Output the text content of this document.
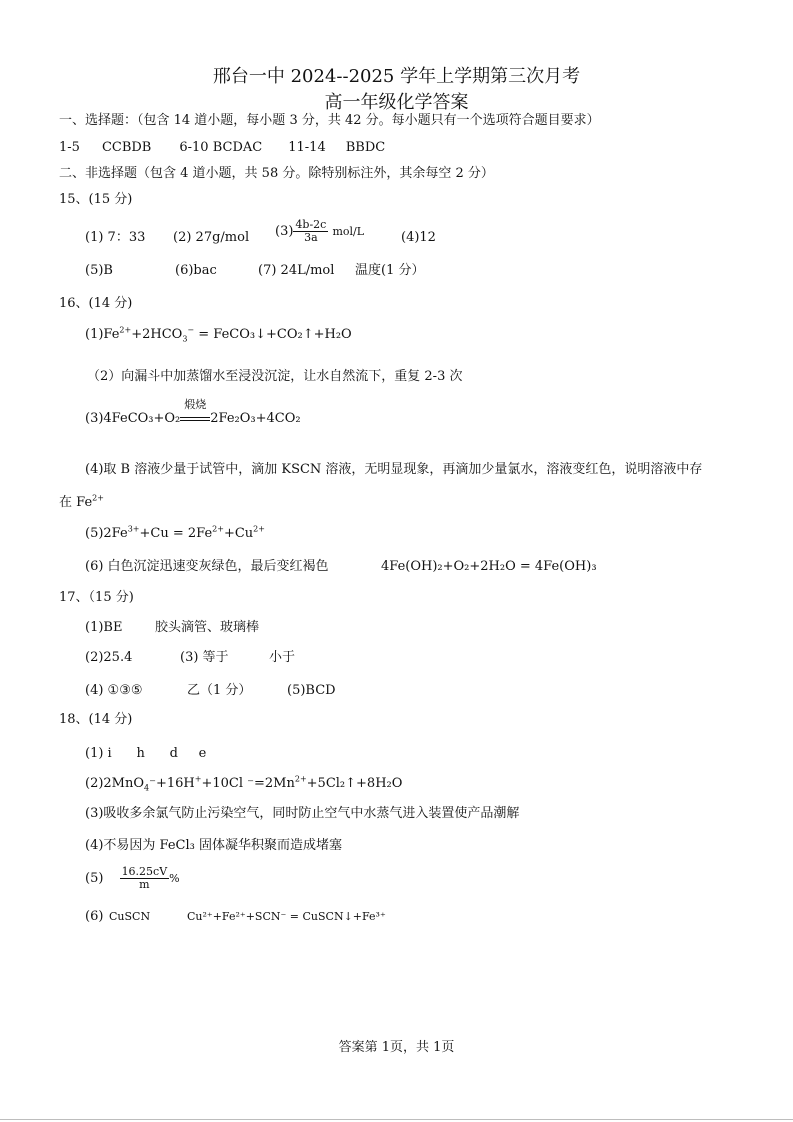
邢台一中 2024--2025 学年上学期第三次月考
高一年级化学答案
一、选择题：（包含 14 道小题，每小题 3 分，共 42 分。每小题只有一个选项符合题目要求）
1-5 CCBDB 6-10 BCDAC 11-14 BBDC
二、非选择题（包含 4 道小题，共 58 分。除特别标注外，其余每空 2 分）
15、(15 分)
(1) 7：33 (2) 27g/mol $(3) \frac{4b-2c}{3a} mol/L$	(4)12
(5)B	(6)bac	(7) 24L/mol 温度(1 分）
16、(14 分)
$(1)Fe^{2+}+2HCO_3^-$ = FeCO₃↓+CO₂↑+H₂O
（2）向漏斗中加蒸馏水至浸没沉淀，让水自然流下，重复 2-3 次
(3)4FeCO₃+O₂
煅烧
2Fe₂O₃+4CO₂
(4)取 B 溶液少量于试管中，滴加 KSCN 溶液，无明显现象，再滴加少量氯水，溶液变红色，说明溶液中存
在 $Fe^{2+}$
$(5)2Fe^{3+}+Cu = 2Fe^{2+}+Cu^{2+}$
(6) 白色沉淀迅速变灰绿色，最后变红褐色	4Fe(OH)₂+O₂+2H₂O = 4Fe(OH)₃
17、（15 分)
(1)BE	胶头滴管、玻璃棒
(2)25.4	(3) 等于	小于
(4) ①③⑤	乙（1 分）	(5)BCD
18、(14 分)
(1) i      h      d     e
(2)2MnO$_4$⁻+16H++10Cl $^-=2Mn^{2+}+5Cl_2↑+8H_2O$
(3)吸收多余氯气防止污染空气，同时防止空气中水蒸气进入装置使产品潮解
(4)不易因为 FeCl₃ 固体凝华积聚而造成堵塞
$(5) \frac{16.25cV}{m}$ %
(6) CuSCN	Cu²⁺+Fe²⁺+SCN⁻ = CuSCN↓+Fe³⁺
答案第 1页，共 1页
